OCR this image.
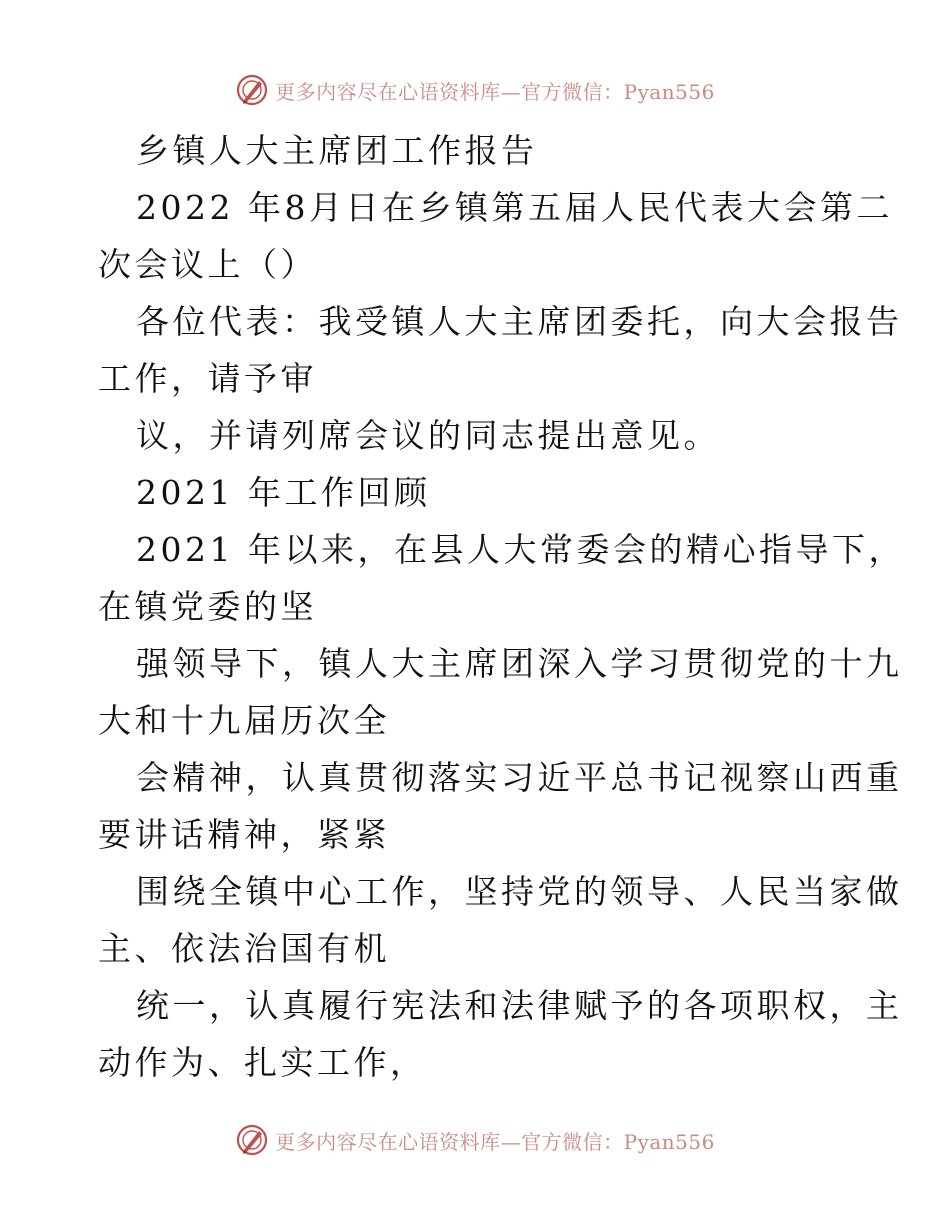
更多内容尽在心语资料库—官方微信：Pyan556
乡镇人大主席团工作报告
2022 年8月日在乡镇第五届人民代表大会第二
次会议上（）
各位代表：我受镇人大主席团委托，向大会报告
工作，请予审
议，并请列席会议的同志提出意见。
2021 年工作回顾
2021 年以来，在县人大常委会的精心指导下，
在镇党委的坚
强领导下，镇人大主席团深入学习贯彻党的十九
大和十九届历次全
会精神，认真贯彻落实习近平总书记视察山西重
要讲话精神，紧紧
围绕全镇中心工作，坚持党的领导、人民当家做
主、依法治国有机
统一，认真履行宪法和法律赋予的各项职权，主
动作为、扎实工作，
更多内容尽在心语资料库—官方微信：Pyan556
